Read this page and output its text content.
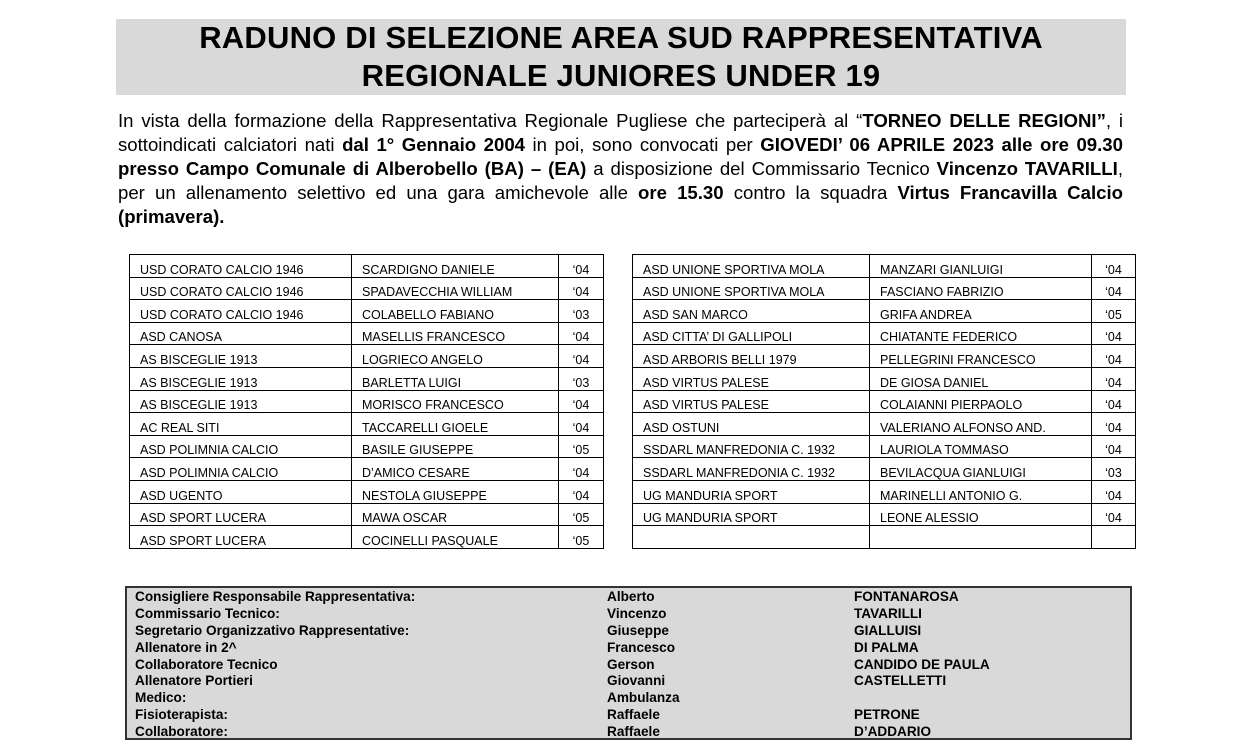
RADUNO DI SELEZIONE AREA SUD RAPPRESENTATIVA
REGIONALE JUNIORES UNDER 19
In vista della formazione della Rappresentativa Regionale Pugliese che parteciperà al “TORNEO DELLE REGIONI”, i sottoindicati calciatori nati dal 1° Gennaio 2004 in poi, sono convocati per GIOVEDI’ 06 APRILE 2023 alle ore 09.30 presso Campo Comunale di Alberobello (BA) – (EA) a disposizione del Commissario Tecnico Vincenzo TAVARILLI, per un allenamento selettivo ed una gara amichevole alle ore 15.30 contro la squadra Virtus Francavilla Calcio (primavera).
USD CORATO CALCIO 1946	SCARDIGNO DANIELE	‘04
USD CORATO CALCIO 1946	SPADAVECCHIA WILLIAM	‘04
USD CORATO CALCIO 1946	COLABELLO FABIANO	‘03
ASD CANOSA	MASELLIS FRANCESCO	‘04
AS BISCEGLIE 1913	LOGRIECO ANGELO	‘04
AS BISCEGLIE 1913	BARLETTA LUIGI	‘03
AS BISCEGLIE 1913	MORISCO FRANCESCO	‘04
AC REAL SITI	TACCARELLI GIOELE	‘04
ASD POLIMNIA CALCIO	BASILE GIUSEPPE	‘05
ASD POLIMNIA CALCIO	D’AMICO CESARE	‘04
ASD UGENTO	NESTOLA GIUSEPPE	‘04
ASD SPORT LUCERA	MAWA OSCAR	‘05
ASD SPORT LUCERA	COCINELLI PASQUALE	‘05
ASD UNIONE SPORTIVA MOLA	MANZARI GIANLUIGI	‘04
ASD UNIONE SPORTIVA MOLA	FASCIANO FABRIZIO	‘04
ASD SAN MARCO	GRIFA ANDREA	‘05
ASD CITTA’ DI GALLIPOLI	CHIATANTE FEDERICO	‘04
ASD ARBORIS BELLI 1979	PELLEGRINI FRANCESCO	‘04
ASD VIRTUS PALESE	DE GIOSA DANIEL	‘04
ASD VIRTUS PALESE	COLAIANNI PIERPAOLO	‘04
ASD OSTUNI	VALERIANO ALFONSO AND.	‘04
SSDARL MANFREDONIA C. 1932	LAURIOLA TOMMASO	‘04
SSDARL MANFREDONIA C. 1932	BEVILACQUA GIANLUIGI	‘03
UG MANDURIA SPORT	MARINELLI ANTONIO G.	‘04
UG MANDURIA SPORT	LEONE ALESSIO	‘04

Consigliere Responsabile Rappresentativa:	Alberto	FONTANAROSA
Commissario Tecnico:	Vincenzo	TAVARILLI
Segretario Organizzativo Rappresentative:	Giuseppe	GIALLUISI
Allenatore in 2^	Francesco	DI PALMA
Collaboratore Tecnico	Gerson	CANDIDO DE PAULA
Allenatore Portieri	Giovanni	CASTELLETTI
Medico:	Ambulanza
Fisioterapista:	Raffaele	PETRONE
Collaboratore:	Raffaele	D’ADDARIO
